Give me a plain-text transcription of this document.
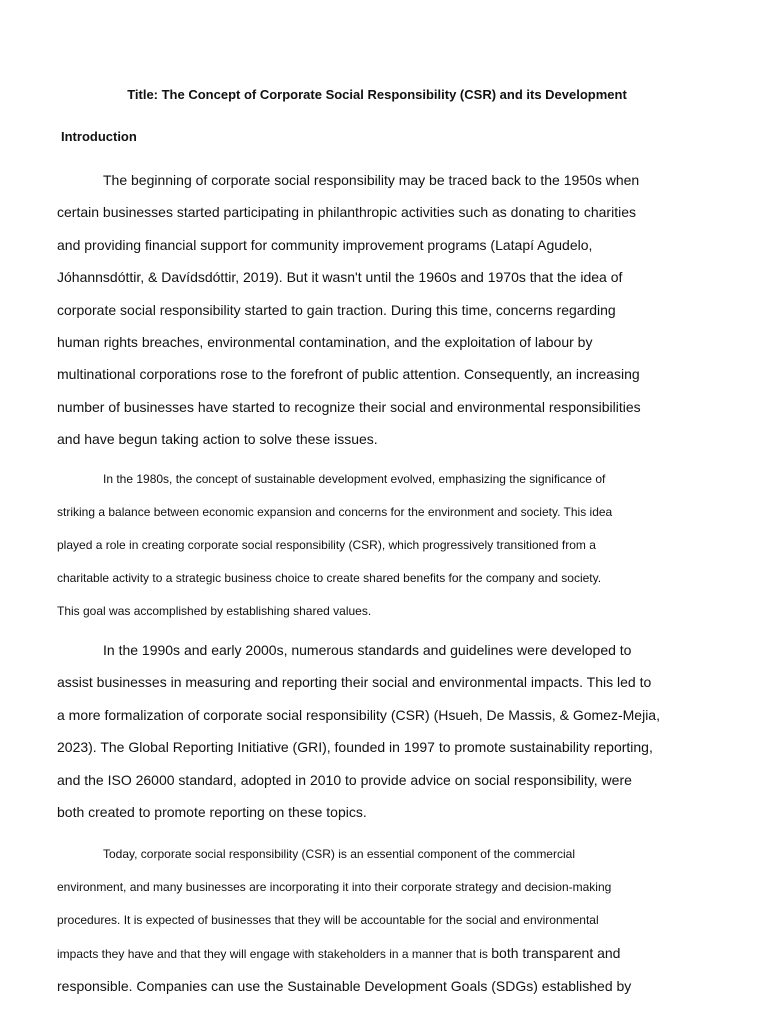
Title: The Concept of Corporate Social Responsibility (CSR) and its Development
Introduction
The beginning of corporate social responsibility may be traced back to the 1950s when
certain businesses started participating in philanthropic activities such as donating to charities
and providing financial support for community improvement programs (Latapí Agudelo,
Jóhannsdóttir, & Davídsdóttir, 2019). But it wasn't until the 1960s and 1970s that the idea of
corporate social responsibility started to gain traction. During this time, concerns regarding
human rights breaches, environmental contamination, and the exploitation of labour by
multinational corporations rose to the forefront of public attention. Consequently, an increasing
number of businesses have started to recognize their social and environmental responsibilities
and have begun taking action to solve these issues.
In the 1980s, the concept of sustainable development evolved, emphasizing the significance of
striking a balance between economic expansion and concerns for the environment and society. This idea
played a role in creating corporate social responsibility (CSR), which progressively transitioned from a
charitable activity to a strategic business choice to create shared benefits for the company and society.
This goal was accomplished by establishing shared values.
In the 1990s and early 2000s, numerous standards and guidelines were developed to
assist businesses in measuring and reporting their social and environmental impacts. This led to
a more formalization of corporate social responsibility (CSR) (Hsueh, De Massis, & Gomez-Mejia,
2023). The Global Reporting Initiative (GRI), founded in 1997 to promote sustainability reporting,
and the ISO 26000 standard, adopted in 2010 to provide advice on social responsibility, were
both created to promote reporting on these topics.
Today, corporate social responsibility (CSR) is an essential component of the commercial
environment, and many businesses are incorporating it into their corporate strategy and decision-making
procedures. It is expected of businesses that they will be accountable for the social and environmental
impacts they have and that they will engage with stakeholders in a manner that is both transparent and
responsible. Companies can use the Sustainable Development Goals (SDGs) established by
